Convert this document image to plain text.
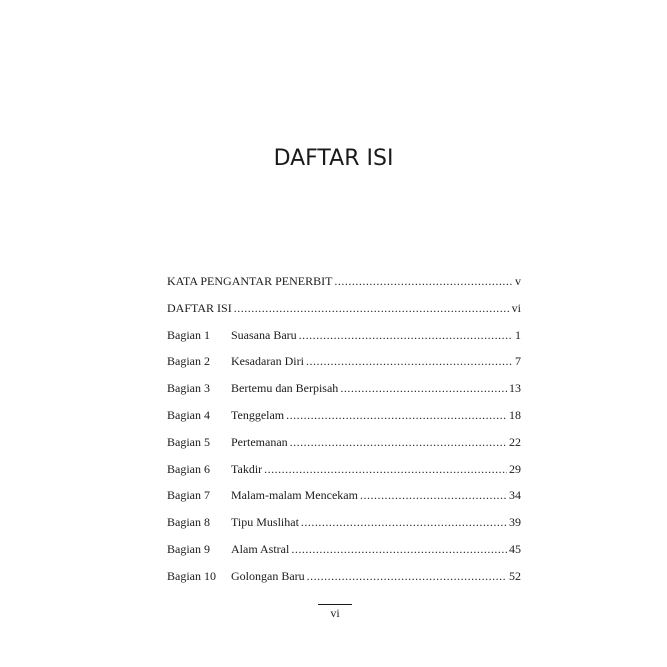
DAFTAR ISI
KATA PENGANTAR PENERBIT .....	v
DAFTAR ISI .....	vi
Bagian 1	Suasana Baru .....	1
Bagian 2	Kesadaran Diri .....	7
Bagian 3	Bertemu dan Berpisah .....	13
Bagian 4	Tenggelam .....	18
Bagian 5	Pertemanan .....	22
Bagian 6	Takdir .....	29
Bagian 7	Malam-malam Mencekam .....	34
Bagian 8	Tipu Muslihat .....	39
Bagian 9	Alam Astral .....	45
Bagian 10	Golongan Baru .....	52
vi
